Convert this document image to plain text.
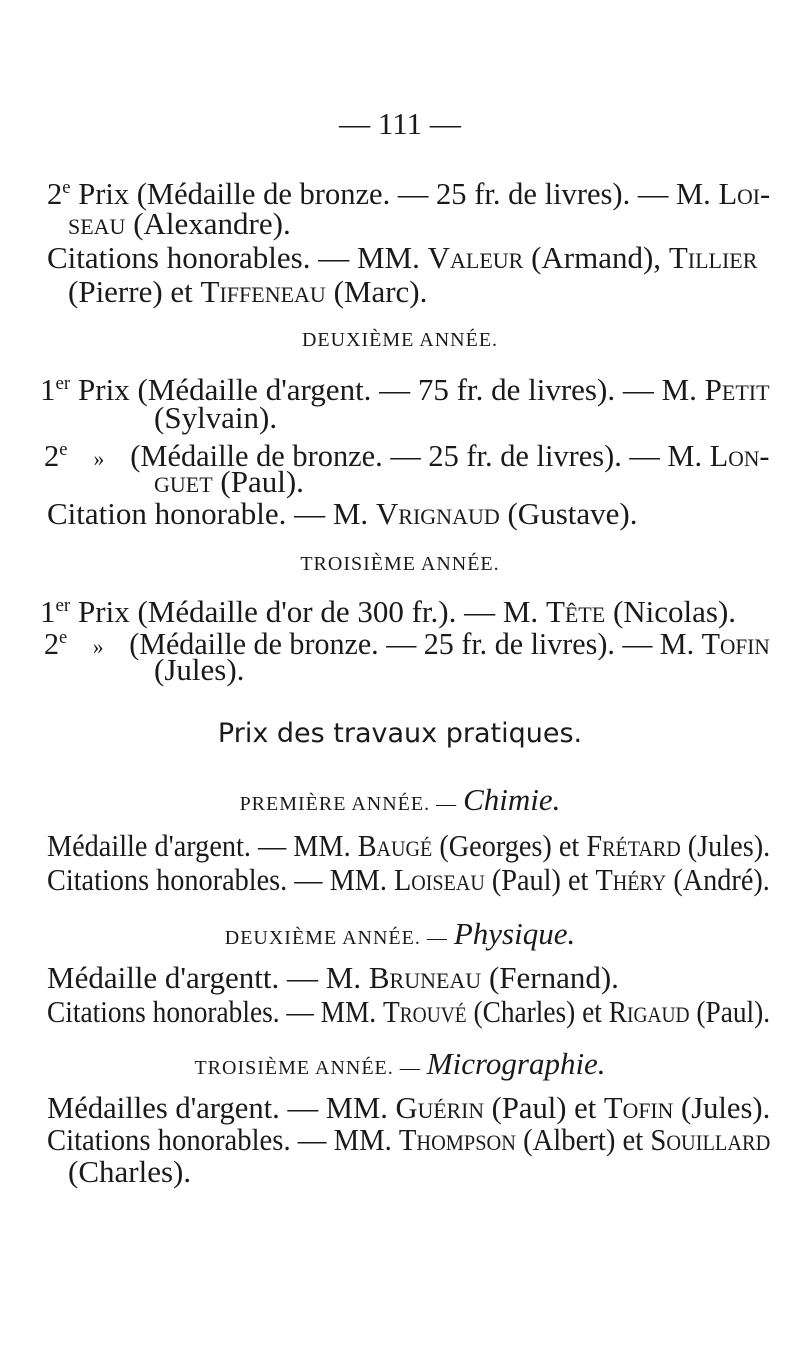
— 111 —
2e Prix (Médaille de bronze. — 25 fr. de livres). — M. Loi-
seau (Alexandre).
Citations honorables. — MM. Valeur (Armand), Tillier
(Pierre) et Tiffeneau (Marc).
DEUXIÈME ANNÉE.
1er Prix (Médaille d'argent. — 75 fr. de livres). — M. Petit
(Sylvain).
2e » (Médaille de bronze. — 25 fr. de livres). — M. Lon-
guet (Paul).
Citation honorable. — M. Vrignaud (Gustave).
TROISIÈME ANNÉE.
1er Prix (Médaille d'or de 300 fr.). — M. Tête (Nicolas).
2e » (Médaille de bronze. — 25 fr. de livres). — M. Tofin
(Jules).
Prix des travaux pratiques.
PREMIÈRE ANNÉE. — Chimie.
Médaille d'argent. — MM. Baugé (Georges) et Frétard (Jules).
Citations honorables. — MM. Loiseau (Paul) et Théry (André).
DEUXIÈME ANNÉE. — Physique.
Médaille d'argentt. — M. Bruneau (Fernand).
Citations honorables. — MM. Trouvé (Charles) et Rigaud (Paul).
TROISIÈME ANNÉE. — Micrographie.
Médailles d'argent. — MM. Guérin (Paul) et Tofin (Jules).
Citations honorables. — MM. Thompson (Albert) et Souillard
(Charles).
